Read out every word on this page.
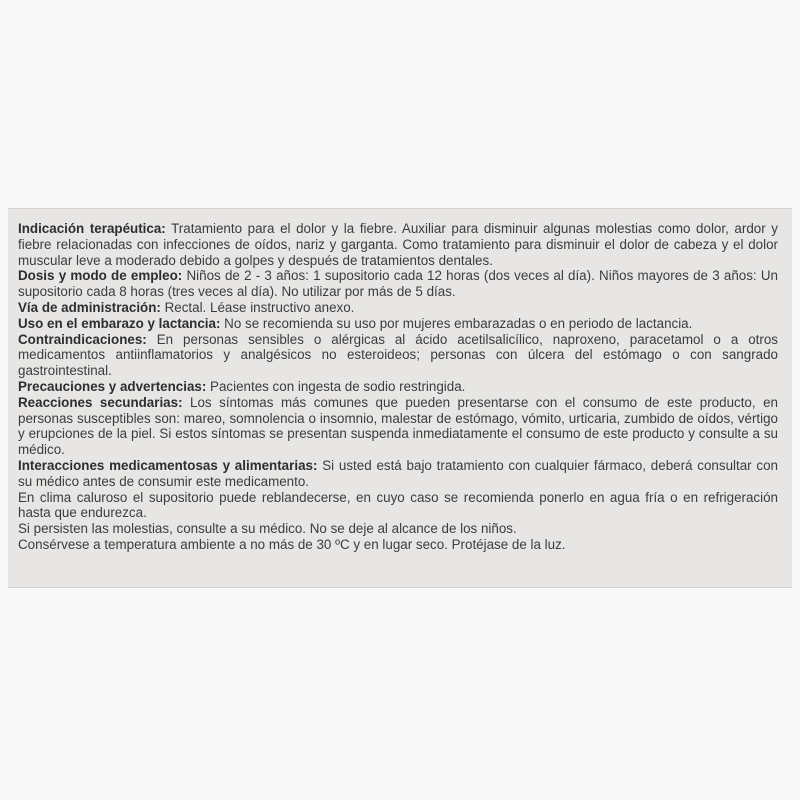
Indicación terapéutica: Tratamiento para el dolor y la fiebre. Auxiliar para disminuir algunas molestias como dolor, ardor y fiebre relacionadas con infecciones de oídos, nariz y garganta. Como tratamiento para disminuir el dolor de cabeza y el dolor muscular leve a moderado debido a golpes y después de tratamientos dentales.

Dosis y modo de empleo: Niños de 2 - 3 años: 1 supositorio cada 12 horas (dos veces al día). Niños mayores de 3 años: Un supositorio cada 8 horas (tres veces al día). No utilizar por más de 5 días.

Vía de administración: Rectal. Léase instructivo anexo.

Uso en el embarazo y lactancia: No se recomienda su uso por mujeres embarazadas o en periodo de lactancia.

Contraindicaciones: En personas sensibles o alérgicas al ácido acetilsalicílico, naproxeno, paracetamol o a otros medicamentos antiinflamatorios y analgésicos no esteroideos; personas con úlcera del estómago o con sangrado gastrointestinal.

Precauciones y advertencias: Pacientes con ingesta de sodio restringida.

Reacciones secundarias: Los síntomas más comunes que pueden presentarse con el consumo de este producto, en personas susceptibles son: mareo, somnolencia o insomnio, malestar de estómago, vómito, urticaria, zumbido de oídos, vértigo y erupciones de la piel. Si estos síntomas se presentan suspenda inmediatamente el consumo de este producto y consulte a su médico.

Interacciones medicamentosas y alimentarias: Si usted está bajo tratamiento con cualquier fármaco, deberá consultar con su médico antes de consumir este medicamento.

En clima caluroso el supositorio puede reblandecerse, en cuyo caso se recomienda ponerlo en agua fría o en refrigeración hasta que endurezca.

Si persisten las molestias, consulte a su médico. No se deje al alcance de los niños.

Consérvese a temperatura ambiente a no más de 30 ºC y en lugar seco. Protéjase de la luz.
